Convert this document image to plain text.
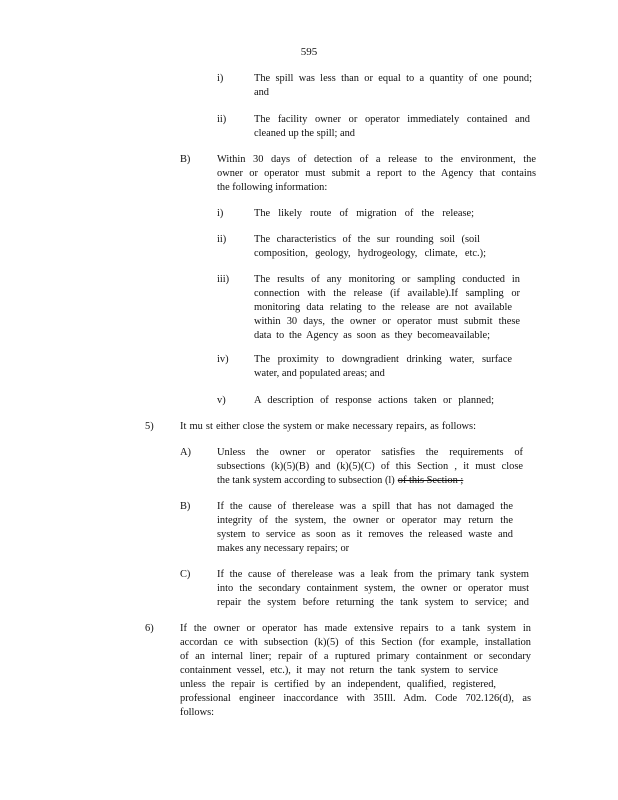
595
i)	The spill was less than or equal to a quantity of one pound;
and
ii)	The facility owner or operator immediately contained and
cleaned up the spill; and
B)	Within 30 days of detection of a release to the environment, the
owner or operator must submit a report to the Agency that contains
the following information:
i)	The likely route of migration of the release;
ii)	The characteristics of the sur rounding soil (soil
composition, geology, hydrogeology, climate, etc.);
iii) The results of any monitoring or sampling conducted in
connection with the release (if available).If sampling or
monitoring data relating to the release are not available
within 30 days, the owner or operator must submit these
data to the Agency as soon as they becomeavailable;
iv) The proximity to downgradient drinking water, surface
water, and populated areas; and
v)	A description of response actions taken or planned;
5)	It mu st either close the system or make necessary repairs, as follows:
A)	Unless the owner or operator satisfies the requirements of
subsections (k)(5)(B) and (k)(5)(C) of this Section , it must close
the tank system according to subsection (l) of this Section ;
B)	If the cause of therelease was a spill that has not damaged the
integrity of the system, the owner or operator may return the
system to service as soon as it removes the released waste and
makes any necessary repairs; or
C)	If the cause of therelease was a leak from the primary tank system
into the secondary containment system, the owner or operator must
repair the system before returning the tank system to service; and
6)	If the owner or operator has made extensive repairs to a tank system in
accordan ce with subsection (k)(5) of this Section (for example, installation
of an internal liner; repair of a ruptured primary containment or secondary
containment vessel, etc.), it may not return the tank system to service
unless the repair is certified by an independent, qualified, registered,
professional engineer inaccordance with 35Ill. Adm. Code 702.126(d), as
follows:
